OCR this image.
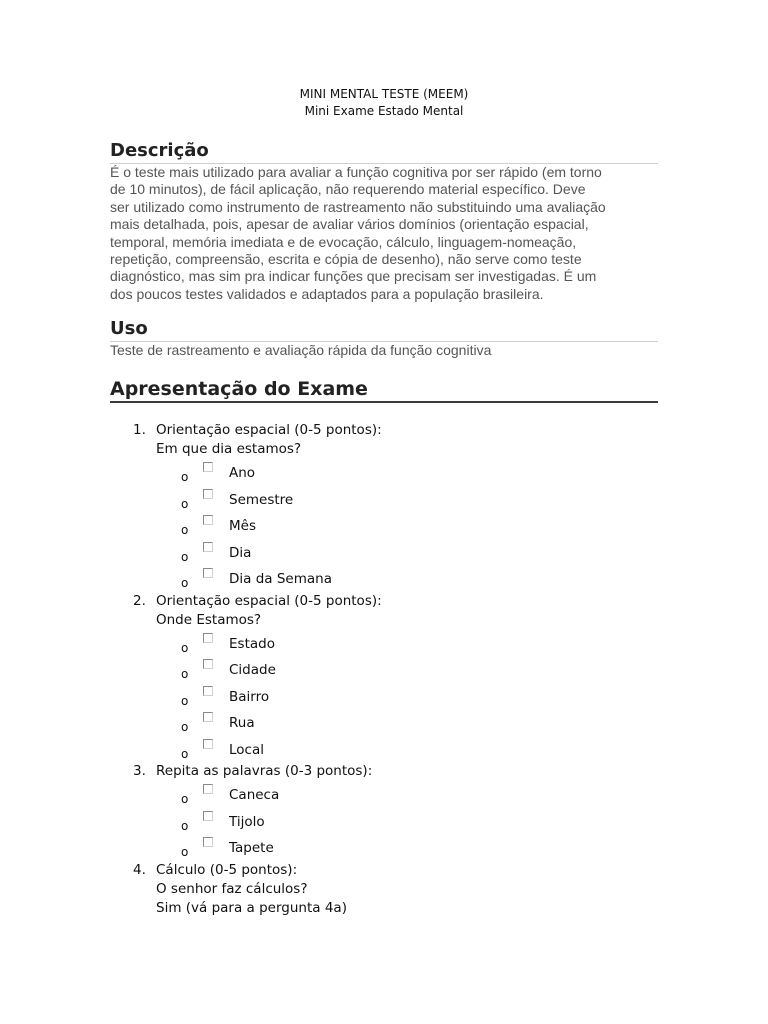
MINI MENTAL TESTE (MEEM)
Mini Exame Estado Mental
Descrição
É o teste mais utilizado para avaliar a função cognitiva por ser rápido (em torno
de 10 minutos), de fácil aplicação, não requerendo material específico. Deve
ser utilizado como instrumento de rastreamento não substituindo uma avaliação
mais detalhada, pois, apesar de avaliar vários domínios (orientação espacial,
temporal, memória imediata e de evocação, cálculo, linguagem-nomeação,
repetição, compreensão, escrita e cópia de desenho), não serve como teste
diagnóstico, mas sim pra indicar funções que precisam ser investigadas. É um
dos poucos testes validados e adaptados para a população brasileira.
Uso
Teste de rastreamento e avaliação rápida da função cognitiva
Apresentação do Exame
1. Orientação espacial (0-5 pontos):
Em que dia estamos?
o	Ano
o	Semestre
o	Mês
o	Dia
o	Dia da Semana
2. Orientação espacial (0-5 pontos):
Onde Estamos?
o	Estado
o	Cidade
o	Bairro
o	Rua
o	Local
3. Repita as palavras (0-3 pontos):
o	Caneca
o	Tijolo
o	Tapete
4. Cálculo (0-5 pontos):
O senhor faz cálculos?
Sim (vá para a pergunta 4a)
